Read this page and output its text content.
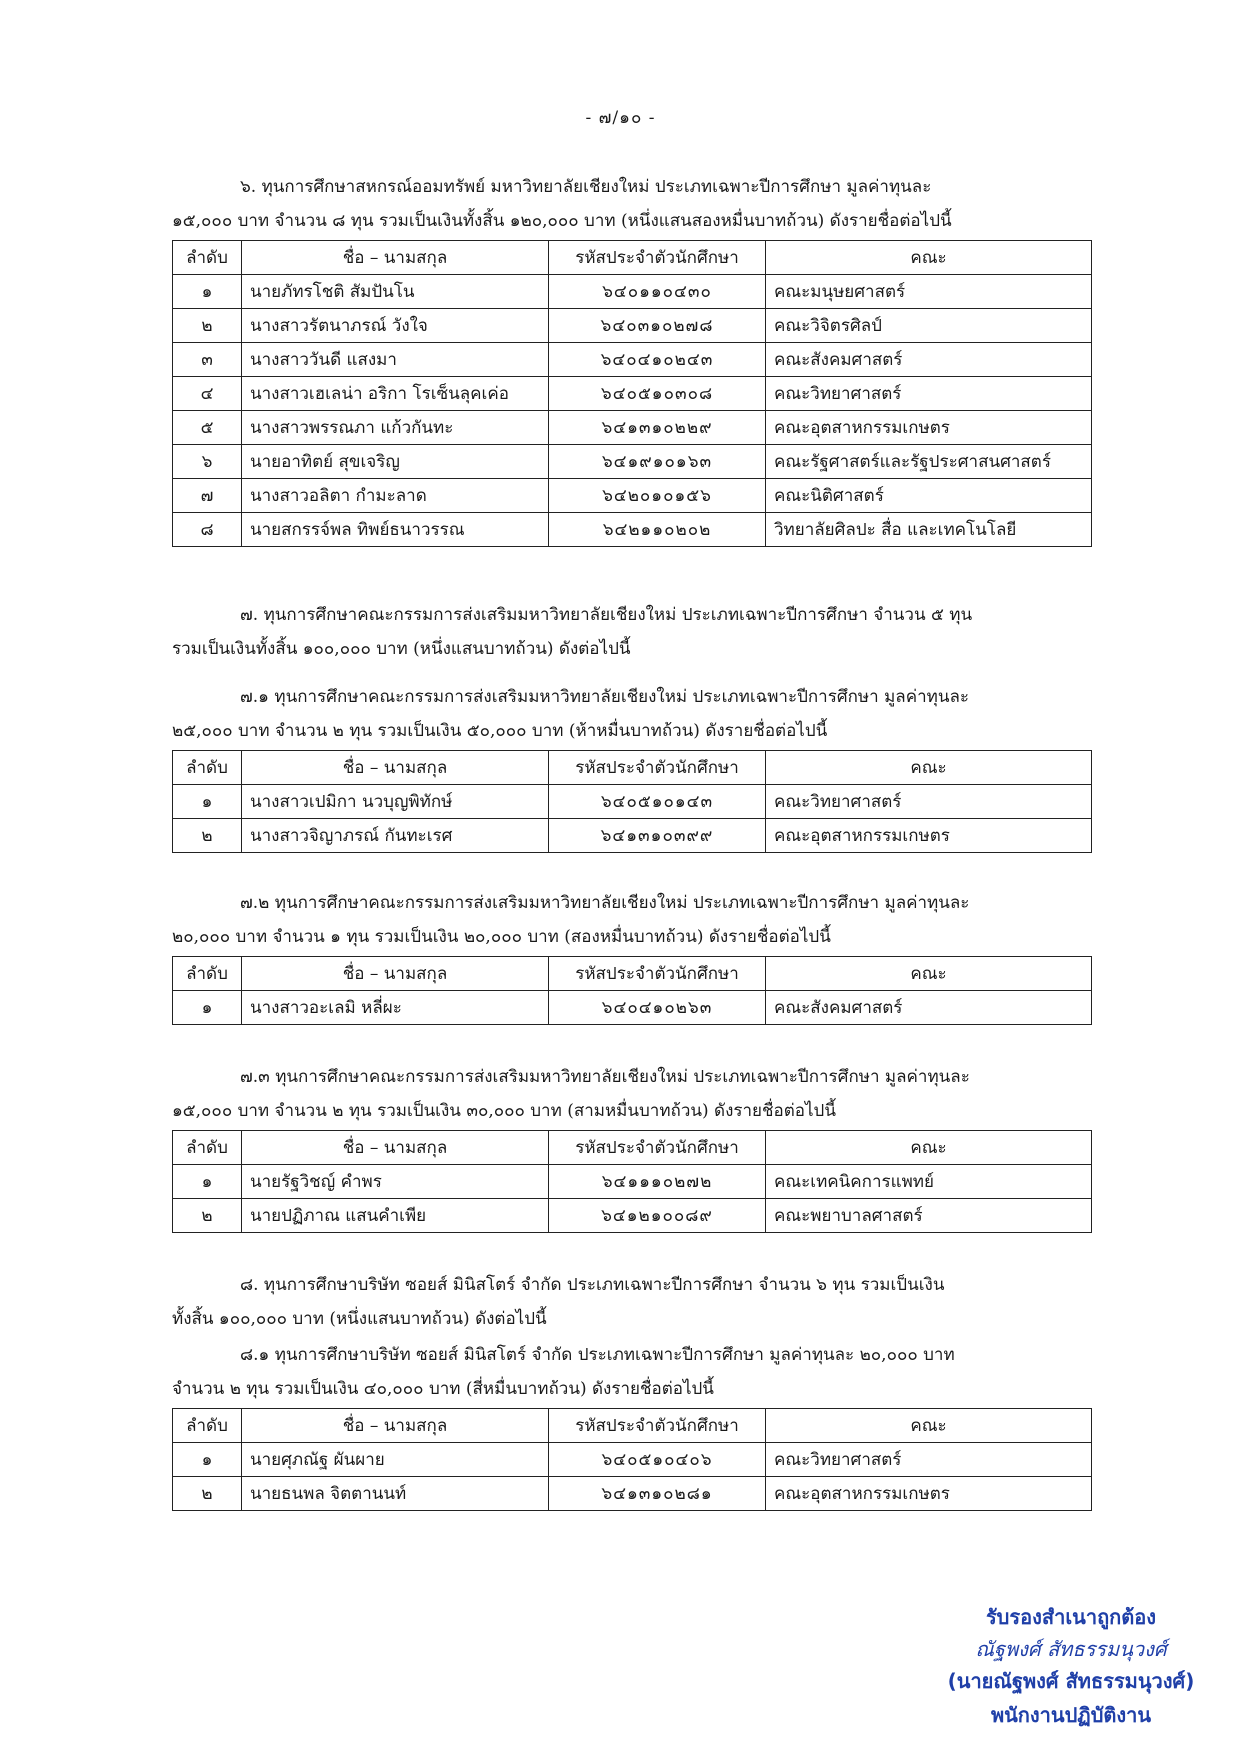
- ๗/๑๐ -

๖. ทุนการศึกษาสหกรณ์ออมทรัพย์ มหาวิทยาลัยเชียงใหม่ ประเภทเฉพาะปีการศึกษา มูลค่าทุนละ

๑๕,๐๐๐ บาท จำนวน ๘ ทุน รวมเป็นเงินทั้งสิ้น ๑๒๐,๐๐๐ บาท (หนึ่งแสนสองหมื่นบาทถ้วน) ดังรายชื่อต่อไปนี้

ลำดับ	ชื่อ – นามสกุล	รหัสประจำตัวนักศึกษา	คณะ
๑	นายภัทรโชติ สัมปันโน	๖๔๐๑๑๐๔๓๐	คณะมนุษยศาสตร์
๒	นางสาวรัตนาภรณ์ วังใจ	๖๔๐๓๑๐๒๗๘	คณะวิจิตรศิลป์
๓	นางสาววันดี แสงมา	๖๔๐๔๑๐๒๔๓	คณะสังคมศาสตร์
๔	นางสาวเฮเลน่า อริกา โรเซ็นลุคเค่อ	๖๔๐๕๑๐๓๐๘	คณะวิทยาศาสตร์
๕	นางสาวพรรณภา แก้วกันทะ	๖๔๑๓๑๐๒๒๙	คณะอุตสาหกรรมเกษตร
๖	นายอาทิตย์ สุขเจริญ	๖๔๑๙๑๐๑๖๓	คณะรัฐศาสตร์และรัฐประศาสนศาสตร์
๗	นางสาวอลิตา กำมะลาด	๖๔๒๐๑๐๑๕๖	คณะนิติศาสตร์
๘	นายสกรรจ์พล ทิพย์ธนาวรรณ	๖๔๒๑๑๐๒๐๒	วิทยาลัยศิลปะ สื่อ และเทคโนโลยี

๗. ทุนการศึกษาคณะกรรมการส่งเสริมมหาวิทยาลัยเชียงใหม่ ประเภทเฉพาะปีการศึกษา จำนวน ๕ ทุน

รวมเป็นเงินทั้งสิ้น ๑๐๐,๐๐๐ บาท (หนึ่งแสนบาทถ้วน) ดังต่อไปนี้

๗.๑ ทุนการศึกษาคณะกรรมการส่งเสริมมหาวิทยาลัยเชียงใหม่ ประเภทเฉพาะปีการศึกษา มูลค่าทุนละ

๒๕,๐๐๐ บาท จำนวน ๒ ทุน รวมเป็นเงิน ๕๐,๐๐๐ บาท (ห้าหมื่นบาทถ้วน) ดังรายชื่อต่อไปนี้

ลำดับ	ชื่อ – นามสกุล	รหัสประจำตัวนักศึกษา	คณะ
๑	นางสาวเปมิกา นวบุญพิทักษ์	๖๔๐๕๑๐๑๔๓	คณะวิทยาศาสตร์
๒	นางสาวจิญาภรณ์ กันทะเรศ	๖๔๑๓๑๐๓๙๙	คณะอุตสาหกรรมเกษตร

๗.๒ ทุนการศึกษาคณะกรรมการส่งเสริมมหาวิทยาลัยเชียงใหม่ ประเภทเฉพาะปีการศึกษา มูลค่าทุนละ

๒๐,๐๐๐ บาท จำนวน ๑ ทุน รวมเป็นเงิน ๒๐,๐๐๐ บาท (สองหมื่นบาทถ้วน) ดังรายชื่อต่อไปนี้

ลำดับ	ชื่อ – นามสกุล	รหัสประจำตัวนักศึกษา	คณะ
๑	นางสาวอะเลมิ หลี่ผะ	๖๔๐๔๑๐๒๖๓	คณะสังคมศาสตร์

๗.๓ ทุนการศึกษาคณะกรรมการส่งเสริมมหาวิทยาลัยเชียงใหม่ ประเภทเฉพาะปีการศึกษา มูลค่าทุนละ

๑๕,๐๐๐ บาท จำนวน ๒ ทุน รวมเป็นเงิน ๓๐,๐๐๐ บาท (สามหมื่นบาทถ้วน) ดังรายชื่อต่อไปนี้

ลำดับ	ชื่อ – นามสกุล	รหัสประจำตัวนักศึกษา	คณะ
๑	นายรัฐวิชญ์ คำพร	๖๔๑๑๑๐๒๗๒	คณะเทคนิคการแพทย์
๒	นายปฏิภาณ แสนคำเพีย	๖๔๑๒๑๐๐๘๙	คณะพยาบาลศาสตร์

๘. ทุนการศึกษาบริษัท ซอยส์ มินิสโตร์ จำกัด ประเภทเฉพาะปีการศึกษา จำนวน ๖ ทุน รวมเป็นเงิน

ทั้งสิ้น ๑๐๐,๐๐๐ บาท (หนึ่งแสนบาทถ้วน) ดังต่อไปนี้

๘.๑ ทุนการศึกษาบริษัท ซอยส์ มินิสโตร์ จำกัด ประเภทเฉพาะปีการศึกษา มูลค่าทุนละ ๒๐,๐๐๐ บาท

จำนวน ๒ ทุน รวมเป็นเงิน ๔๐,๐๐๐ บาท (สี่หมื่นบาทถ้วน) ดังรายชื่อต่อไปนี้

ลำดับ	ชื่อ – นามสกุล	รหัสประจำตัวนักศึกษา	คณะ
๑	นายศุภณัฐ ผันผาย	๖๔๐๕๑๐๔๐๖	คณะวิทยาศาสตร์
๒	นายธนพล จิตตานนท์	๖๔๑๓๑๐๒๘๑	คณะอุตสาหกรรมเกษตร
รับรองสำเนาถูกต้อง
ณัฐพงศ์ สัทธรรมนุวงศ์
(นายณัฐพงศ์ สัทธรรมนุวงศ์)
พนักงานปฏิบัติงาน
